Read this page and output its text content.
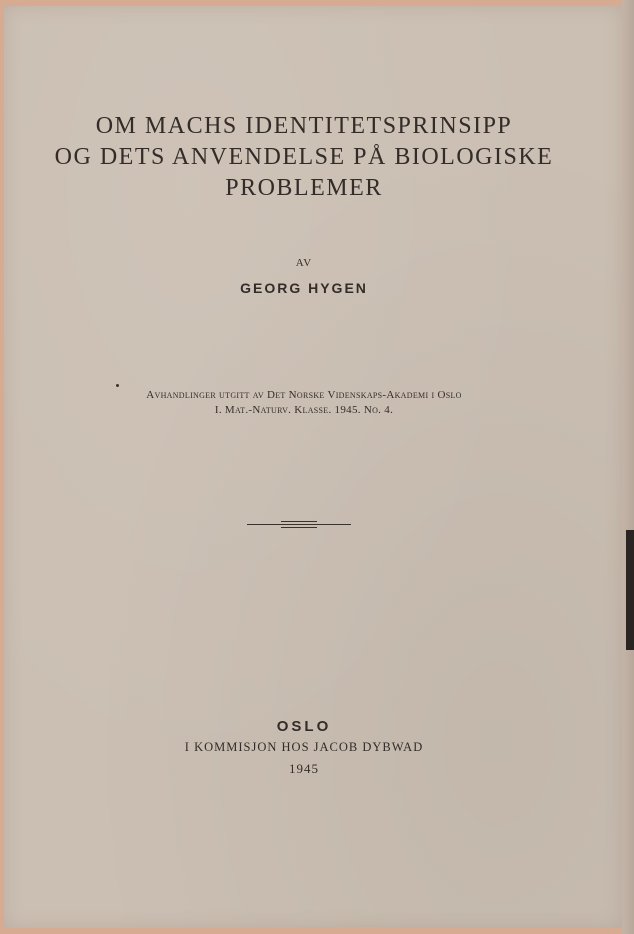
OM MACHS IDENTITETSPRINSIPP
OG DETS ANVENDELSE PÅ BIOLOGISKE
PROBLEMER
AV
GEORG HYGEN
Avhandlinger utgitt av Det Norske Videnskaps-Akademi i Oslo
I. Mat.-Naturv. Klasse. 1945. No. 4.
OSLO
I KOMMISJON HOS JACOB DYBWAD
1945
